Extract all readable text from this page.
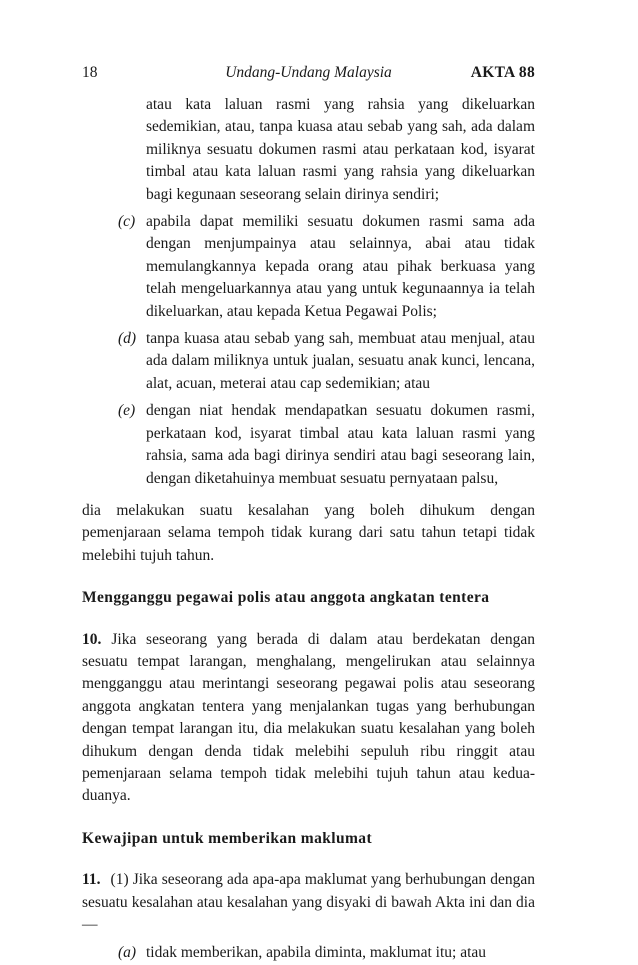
18	Undang-Undang Malaysia	AKTA 88

atau kata laluan rasmi yang rahsia yang dikeluarkan sedemikian, atau, tanpa kuasa atau sebab yang sah, ada dalam miliknya sesuatu dokumen rasmi atau perkataan kod, isyarat timbal atau kata laluan rasmi yang rahsia yang dikeluarkan bagi kegunaan seseorang selain dirinya sendiri;

(c) apabila dapat memiliki sesuatu dokumen rasmi sama ada dengan menjumpainya atau selainnya, abai atau tidak memulangkannya kepada orang atau pihak berkuasa yang telah mengeluarkannya atau yang untuk kegunaannya ia telah dikeluarkan, atau kepada Ketua Pegawai Polis;

(d) tanpa kuasa atau sebab yang sah, membuat atau menjual, atau ada dalam miliknya untuk jualan, sesuatu anak kunci, lencana, alat, acuan, meterai atau cap sedemikian; atau

(e) dengan niat hendak mendapatkan sesuatu dokumen rasmi, perkataan kod, isyarat timbal atau kata laluan rasmi yang rahsia, sama ada bagi dirinya sendiri atau bagi seseorang lain, dengan diketahuinya membuat sesuatu pernyataan palsu,

dia melakukan suatu kesalahan yang boleh dihukum dengan pemenjaraan selama tempoh tidak kurang dari satu tahun tetapi tidak melebihi tujuh tahun.

Mengganggu pegawai polis atau anggota angkatan tentera

10. Jika seseorang yang berada di dalam atau berdekatan dengan sesuatu tempat larangan, menghalang, mengelirukan atau selainnya mengganggu atau merintangi seseorang pegawai polis atau seseorang anggota angkatan tentera yang menjalankan tugas yang berhubungan dengan tempat larangan itu, dia melakukan suatu kesalahan yang boleh dihukum dengan denda tidak melebihi sepuluh ribu ringgit atau pemenjaraan selama tempoh tidak melebihi tujuh tahun atau kedua-duanya.

Kewajipan untuk memberikan maklumat

11. (1) Jika seseorang ada apa-apa maklumat yang berhubungan dengan sesuatu kesalahan atau kesalahan yang disyaki di bawah Akta ini dan dia—

(a) tidak memberikan, apabila diminta, maklumat itu; atau
